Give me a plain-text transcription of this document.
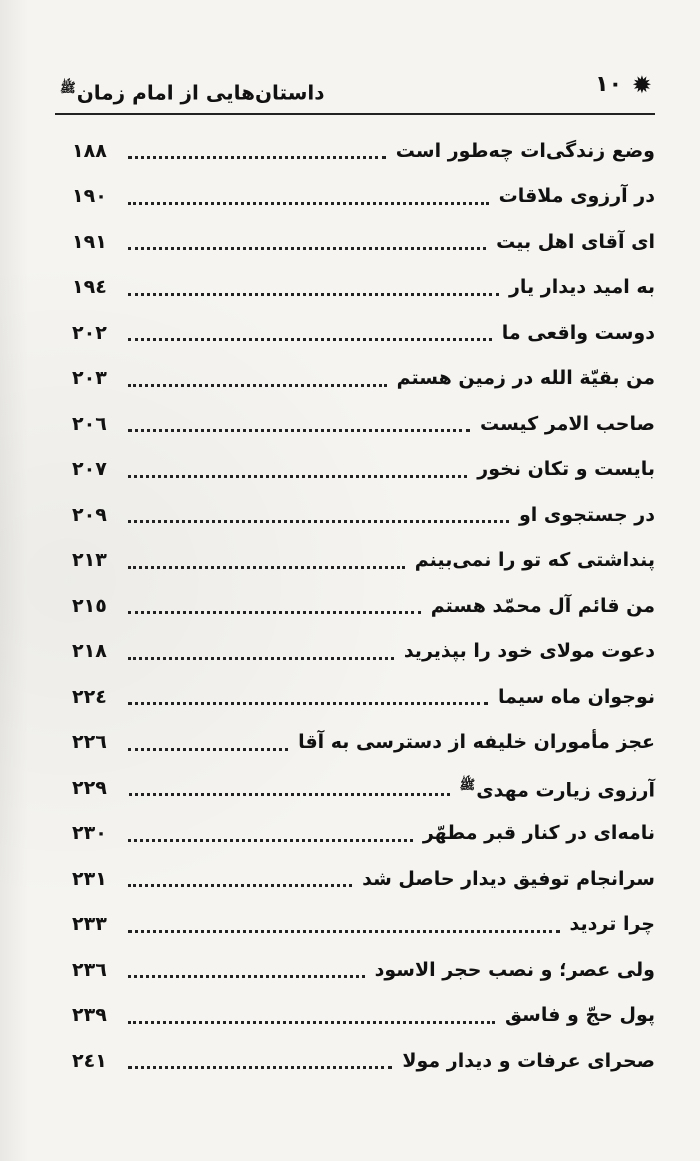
✹
١٠
داستان‌هایی از امام زمانﷺ
وضع زندگی‌ات چه‌طور است
١٨٨
در آرزوی ملاقات
١٩٠
ای آقای اهل بیت
١٩١
به امید دیدار یار
١٩٤
دوست واقعی ما
٢٠٢
من بقیّة الله در زمین هستم
٢٠٣
صاحب الامر کیست
٢٠٦
بایست و تکان نخور
٢٠٧
در جستجوی او
٢٠٩
پنداشتی که تو را نمی‌بینم
٢١٣
من قائم آل محمّد هستم
٢١٥
دعوت مولای خود را بپذیرید
٢١٨
نوجوان ماه سیما
٢٢٤
عجز مأموران خلیفه از دسترسی به آقا
٢٢٦
آرزوی زیارت مهدیﷺ
٢٢٩
نامه‌ای در کنار قبر مطهّر
٢٣٠
سرانجام توفیق دیدار حاصل شد
٢٣١
چرا تردید
٢٣٣
ولی عصر؛ و نصب حجر الاسود
٢٣٦
پول حجّ و فاسق
٢٣٩
صحرای عرفات و دیدار مولا
٢٤١
